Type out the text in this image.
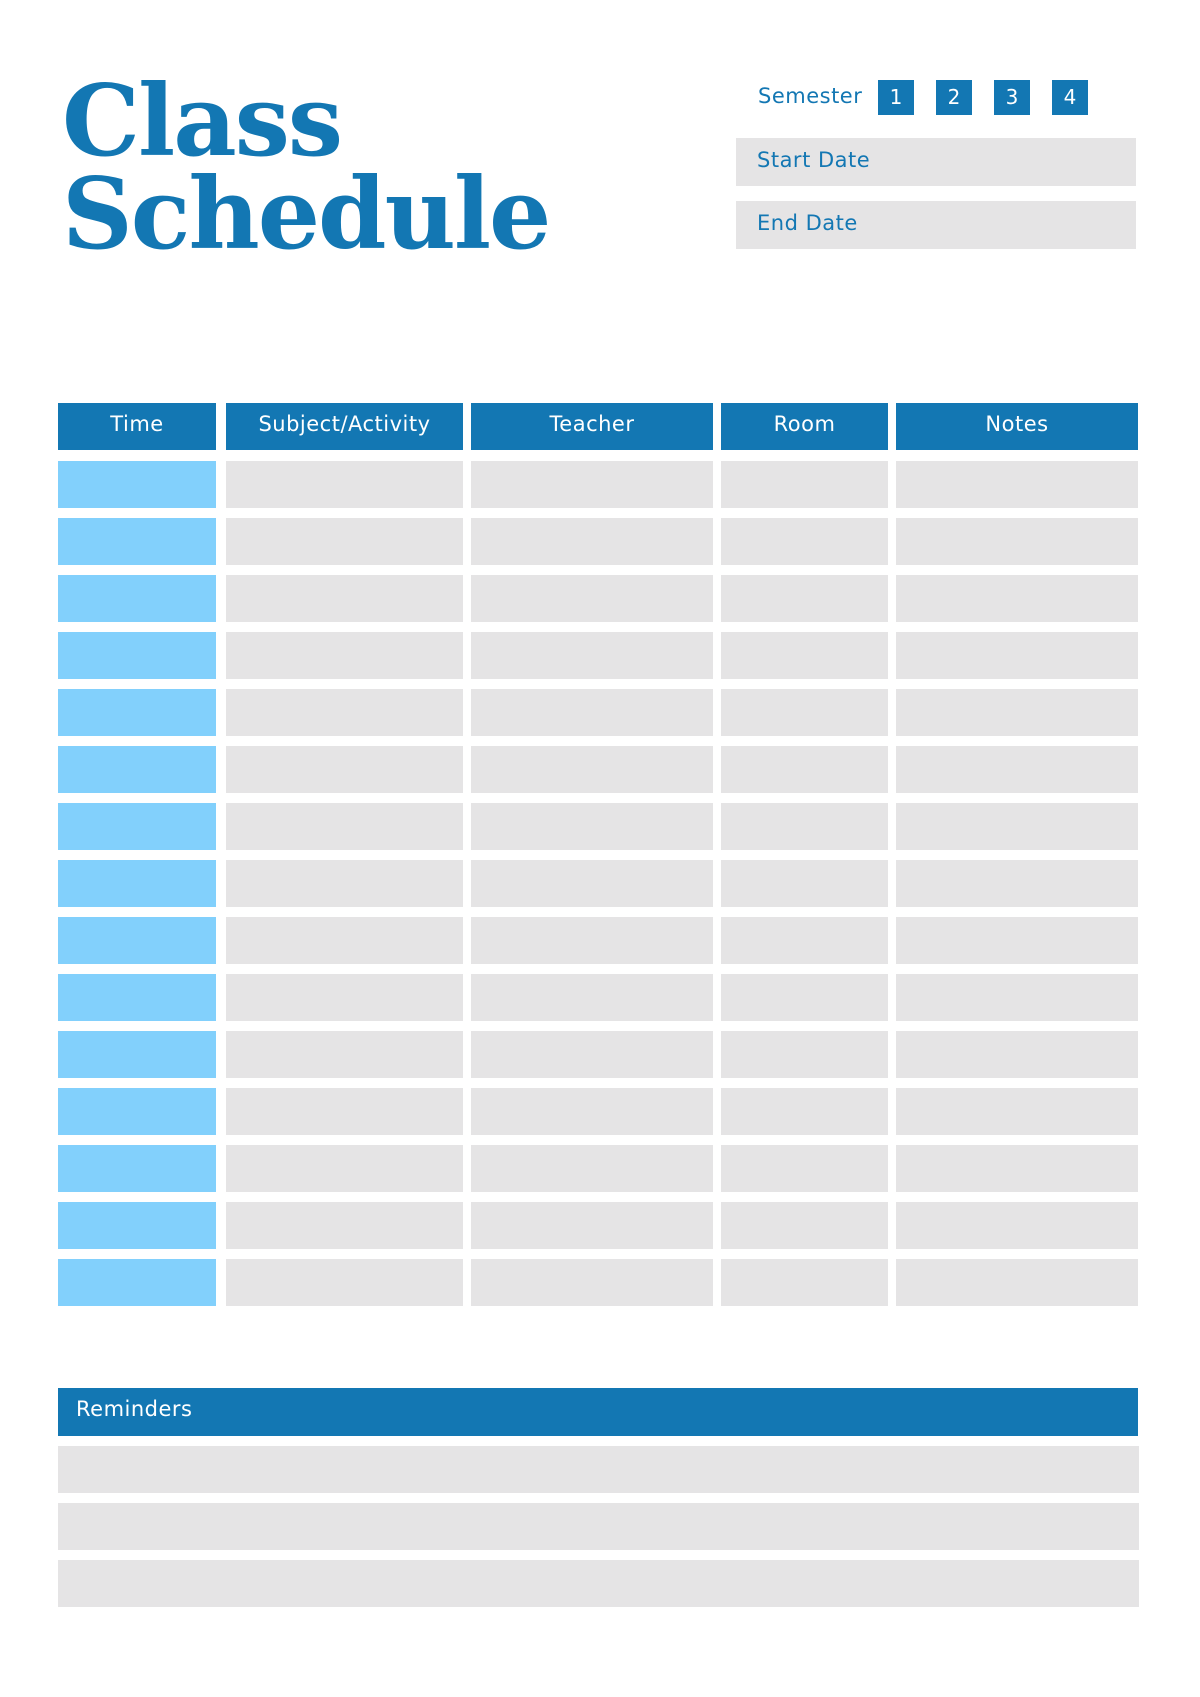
Class
Schedule
Semester	1	2	3	4
Start Date
End Date
Time	Subject/Activity	Teacher	Room	Notes
Reminders
